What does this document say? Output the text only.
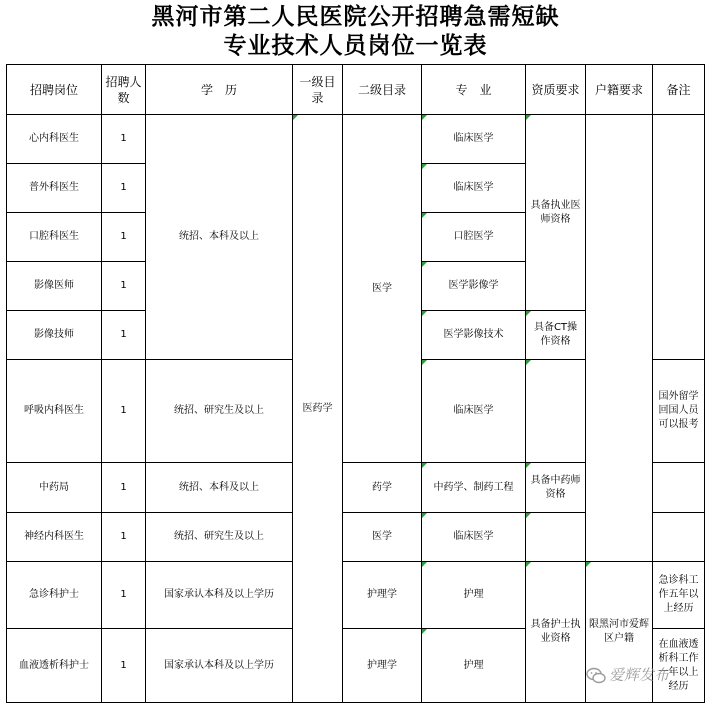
黑河市第二人民医院公开招聘急需短缺
专业技术人员岗位一览表
招聘岗位	招聘人数	学　历	一级目录	二级目录	专　业	资质要求	户籍要求	备注
心内科医生	1	统招、本科及以上	医药学	医学	临床医学	具备执业医师资格		
普外科医生	1				临床医学			
口腔科医生	1				口腔医学			
影像医师	1				医学影像学			
影像技师	1				医学影像技术	具备CT操作资格		
呼吸内科医生	1	统招、研究生及以上			临床医学			国外留学回国人员可以报考
中药局	1	统招、本科及以上		药学	中药学、制药工程	具备中药师资格		
神经内科医生	1	统招、研究生及以上		医学	临床医学			
急诊科护士	1	国家承认本科及以上学历		护理学	护理	具备护士执业资格	限黑河市爱辉区户籍	急诊科工作五年以上经历
血液透析科护士	1	国家承认本科及以上学历		护理学	护理			在血液透析科工作一年以上经历
爱辉发布
